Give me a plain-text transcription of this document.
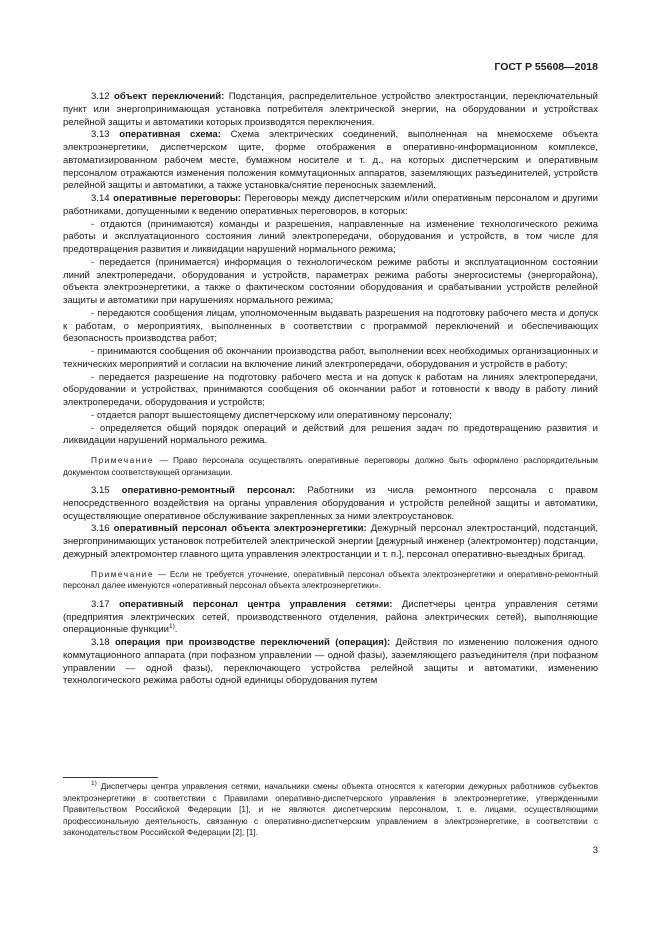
ГОСТ Р 55608—2018

3.12 объект переключений: Подстанция, распределительное устройство электростанции, переключательный пункт или энергопринимающая установка потребителя электрической энергии, на оборудовании и устройствах релейной защиты и автоматики которых производятся переключения.

3.13 оперативная схема: Схема электрических соединений, выполненная на мнемосхеме объекта электроэнергетики, диспетчерском щите, форме отображения в оперативно-информационном комплексе, автоматизированном рабочем месте, бумажном носителе и т. д., на которых диспетчерским и оперативным персоналом отражаются изменения положения коммутационных аппаратов, заземляющих разъединителей, устройств релейной защиты и автоматики, а также установка/снятие переносных заземлений.

3.14 оперативные переговоры: Переговоры между диспетчерским и/или оперативным персоналом и другими работниками, допущенными к ведению оперативных переговоров, в которых:

- отдаются (принимаются) команды и разрешения, направленные на изменение технологического режима работы и эксплуатационного состояния линий электропередачи, оборудования и устройств, в том числе для предотвращения развития и ликвидации нарушений нормального режима;

- передается (принимается) информация о технологическом режиме работы и эксплуатационном состоянии линий электропередачи, оборудования и устройств, параметрах режима работы энергосистемы (энергорайона), объекта электроэнергетики, а также о фактическом состоянии оборудования и срабатывании устройств релейной защиты и автоматики при нарушениях нормального режима;

- передаются сообщения лицам, уполномоченным выдавать разрешения на подготовку рабочего места и допуск к работам, о мероприятиях, выполненных в соответствии с программой переключений и обеспечивающих безопасность производства работ;

- принимаются сообщения об окончании производства работ, выполнении всех необходимых организационных и технических мероприятий и согласии на включение линий электропередачи, оборудования и устройств в работу;

- передается разрешение на подготовку рабочего места и на допуск к работам на линиях электропередачи, оборудовании и устройствах, принимаются сообщения об окончании работ и готовности к вводу в работу линий электропередачи, оборудования и устройств;

- отдается рапорт вышестоящему диспетчерскому или оперативному персоналу;

- определяется общий порядок операций и действий для решения задач по предотвращению развития и ликвидации нарушений нормального режима.

Примечание — Право персонала осуществлять оперативные переговоры должно быть оформлено распорядительным документом соответствующей организации.

3.15 оперативно-ремонтный персонал: Работники из числа ремонтного персонала с правом непосредственного воздействия на органы управления оборудования и устройств релейной защиты и автоматики, осуществляющие оперативное обслуживание закрепленных за ними электроустановок.

3.16 оперативный персонал объекта электроэнергетики: Дежурный персонал электростанций, подстанций, энергопринимающих установок потребителей электрической энергии [дежурный инженер (электромонтер) подстанции, дежурный электромонтер главного щита управления электростанции и т. п.], персонал оперативно-выездных бригад.

Примечание — Если не требуется уточнение, оперативный персонал объекта электроэнергетики и оперативно-ремонтный персонал далее именуются «оперативный персонал объекта электроэнергетики».

3.17 оперативный персонал центра управления сетями: Диспетчеры центра управления сетями (предприятия электрических сетей, производственного отделения, района электрических сетей), выполняющие операционные функции$^{1)}$.

3.18 операция при производстве переключений (операция): Действия по изменению положения одного коммутационного аппарата (при пофазном управлении — одной фазы), заземляющего разъединителя (при пофазном управлении — одной фазы), переключающего устройства релейной защиты и автоматики, изменению технологического режима работы одной единицы оборудования путем

$^{1)}$ Диспетчеры центра управления сетями, начальники смены объекта относятся к категории дежурных работников субъектов электроэнергетики в соответствии с Правилами оперативно-диспетчерского управления в электроэнергетике, утвержденными Правительством Российской Федерации [1], и не являются диспетчерским персоналом, т. е. лицами, осуществляющими профессиональную деятельность, связанную с оперативно-диспетчерским управлением в электроэнергетике, в соответствии с законодательством Российской Федерации [2], [1].

3
